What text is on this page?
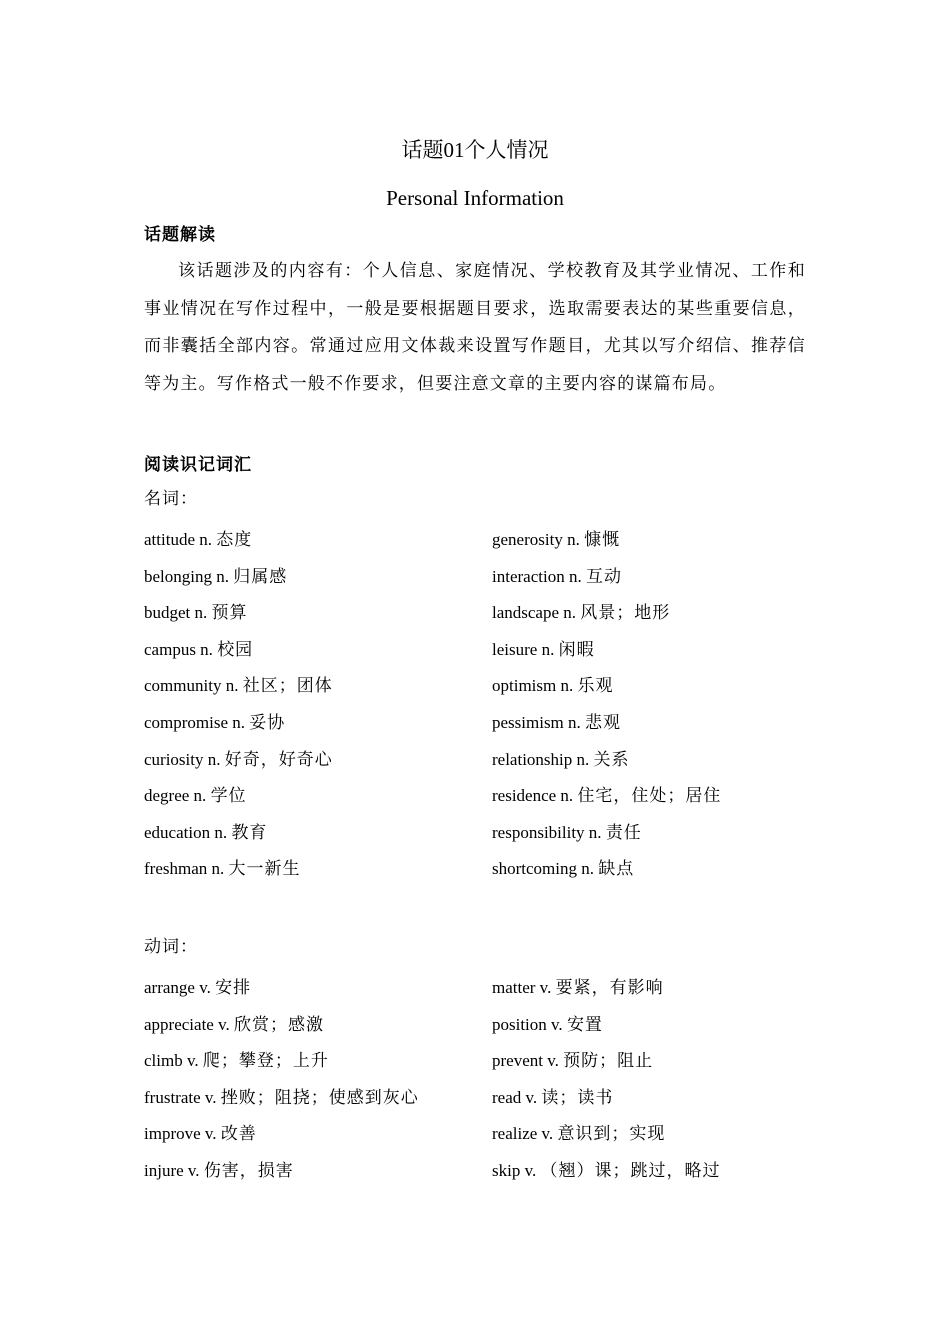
话题01个人情况
Personal Information
话题解读

该话题涉及的内容有：个人信息、家庭情况、学校教育及其学业情况、工作和事业情况在写作过程中，一般是要根据题目要求，选取需要表达的某些重要信息，而非囊括全部内容。常通过应用文体裁来设置写作题目，尤其以写介绍信、推荐信等为主。写作格式一般不作要求，但要注意文章的主要内容的谋篇布局。

阅读识记词汇
名词：
attitude n. 态度	generosity n. 慷慨
belonging n. 归属感	interaction n. 互动
budget n. 预算	landscape n. 风景；地形
campus n. 校园	leisure n. 闲暇
community n. 社区；团体	optimism n. 乐观
compromise n. 妥协	pessimism n. 悲观
curiosity n. 好奇，好奇心	relationship n. 关系
degree n. 学位	residence n. 住宅，住处；居住
education n. 教育	responsibility n. 责任
freshman n. 大一新生	shortcoming n. 缺点
动词：
arrange v. 安排	matter v. 要紧，有影响
appreciate v. 欣赏；感激	position v. 安置
climb v. 爬；攀登；上升	prevent v. 预防；阻止
frustrate v. 挫败；阻挠；使感到灰心	read v. 读；读书
improve v. 改善	realize v. 意识到；实现
injure v. 伤害，损害	skip v. （翘）课；跳过，略过
